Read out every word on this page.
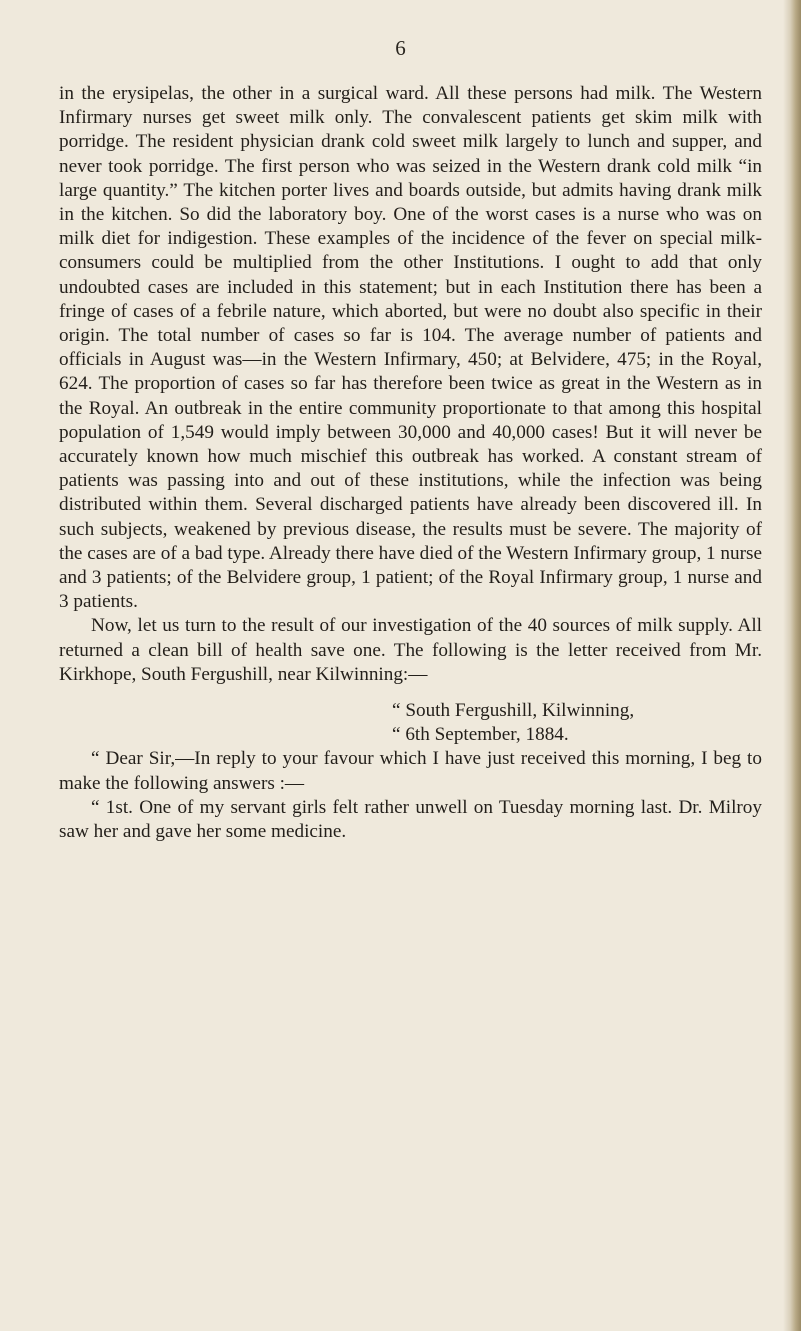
6

in the erysipelas, the other in a surgical ward. All these persons had milk. The Western Infirmary nurses get sweet milk only. The convalescent patients get skim milk with porridge. The resident physician drank cold sweet milk largely to lunch and supper, and never took porridge. The first person who was seized in the Western drank cold milk “in large quantity.” The kitchen porter lives and boards outside, but admits having drank milk in the kitchen. So did the laboratory boy. One of the worst cases is a nurse who was on milk diet for indigestion. These examples of the incidence of the fever on special milk-consumers could be multiplied from the other Institutions. I ought to add that only undoubted cases are included in this statement; but in each Institution there has been a fringe of cases of a febrile nature, which aborted, but were no doubt also specific in their origin. The total number of cases so far is 104. The average number of patients and officials in August was—in the Western Infirmary, 450; at Belvidere, 475; in the Royal, 624. The proportion of cases so far has therefore been twice as great in the Western as in the Royal. An outbreak in the entire community proportionate to that among this hospital population of 1,549 would imply between 30,000 and 40,000 cases! But it will never be accurately known how much mischief this outbreak has worked. A constant stream of patients was passing into and out of these institutions, while the infection was being distributed within them. Several discharged patients have already been discovered ill. In such subjects, weakened by previous disease, the results must be severe. The majority of the cases are of a bad type. Already there have died of the Western Infirmary group, 1 nurse and 3 patients; of the Belvidere group, 1 patient; of the Royal Infirmary group, 1 nurse and 3 patients.

Now, let us turn to the result of our investigation of the 40 sources of milk supply. All returned a clean bill of health save one. The following is the letter received from Mr. Kirkhope, South Fergushill, near Kilwinning:—

“ South Fergushill, Kilwinning,

“ 6th September, 1884.

“ Dear Sir,—In reply to your favour which I have just received this morning, I beg to make the following answers :—

“ 1st. One of my servant girls felt rather unwell on Tuesday morning last. Dr. Milroy saw her and gave her some medicine.
